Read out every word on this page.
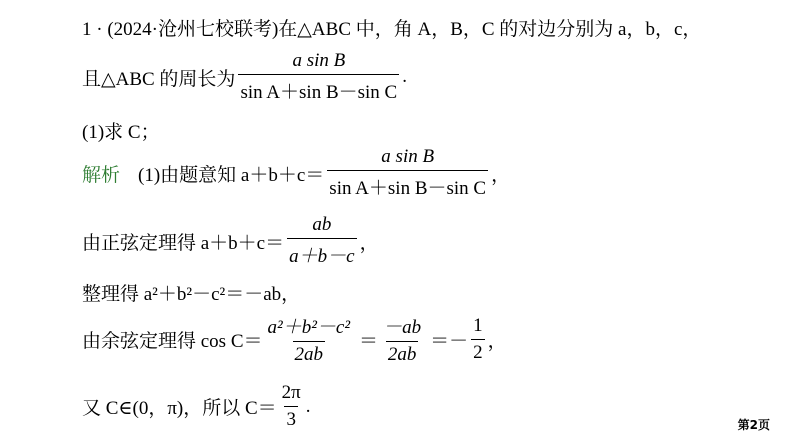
1 · (2024·沧州七校联考)在△ABC 中，角 A，B，C 的对边分别为 a，b，c，
且△ABC 的周长为 $\frac{\text{a sin B}}{\text{sin A＋sin B－sin C}}$ .
(1)求 C；
解析 (1)由题意知 $a+b+c= \frac{\text{a sin B}}{\text{sin A＋sin B－sin C}}$ ，
由正弦定理得 $a+b+c= \frac{ab}{a+b-c}$ ，
整理得 a²＋b²－c²＝－ab，
由余弦定理得 $\cos C= \frac{\text{a²＋b²－c²}}{2ab} = \frac{-ab}{2ab} =- \frac{1}{2}$ ，
又 C∈(0，π)，所以 $C= \frac{2\pi}{3}$ .
第2页
